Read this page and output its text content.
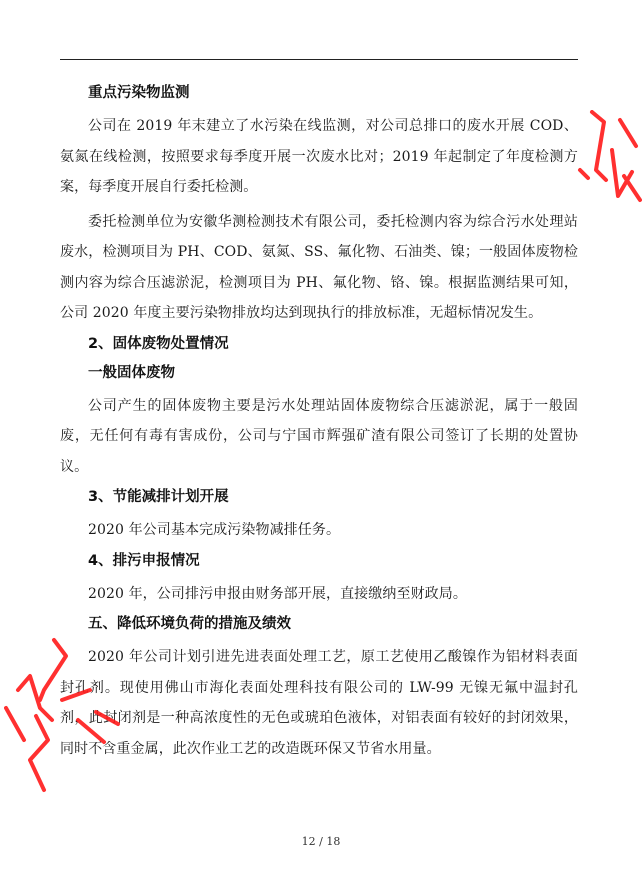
重点污染物监测

公司在 2019 年末建立了水污染在线监测，对公司总排口的废水开展 COD、氨氮在线检测，按照要求每季度开展一次废水比对；2019 年起制定了年度检测方案，每季度开展自行委托检测。

委托检测单位为安徽华测检测技术有限公司，委托检测内容为综合污水处理站废水，检测项目为 PH、COD、氨氮、SS、氟化物、石油类、镍；一般固体废物检测内容为综合压滤淤泥，检测项目为 PH、氟化物、铬、镍。根据监测结果可知，公司 2020 年度主要污染物排放均达到现执行的排放标准，无超标情况发生。

2、固体废物处置情况
一般固体废物

公司产生的固体废物主要是污水处理站固体废物综合压滤淤泥，属于一般固废，无任何有毒有害成份，公司与宁国市辉强矿渣有限公司签订了长期的处置协议。

3、节能减排计划开展

2020 年公司基本完成污染物减排任务。

4、排污申报情况

2020 年，公司排污申报由财务部开展，直接缴纳至财政局。

五、降低环境负荷的措施及绩效

2020 年公司计划引进先进表面处理工艺，原工艺使用乙酸镍作为铝材料表面封孔剂。现使用佛山市海化表面处理科技有限公司的 LW-99 无镍无氟中温封孔剂，此封闭剂是一种高浓度性的无色或琥珀色液体，对铝表面有较好的封闭效果，同时不含重金属，此次作业工艺的改造既环保又节省水用量。

12 / 18
